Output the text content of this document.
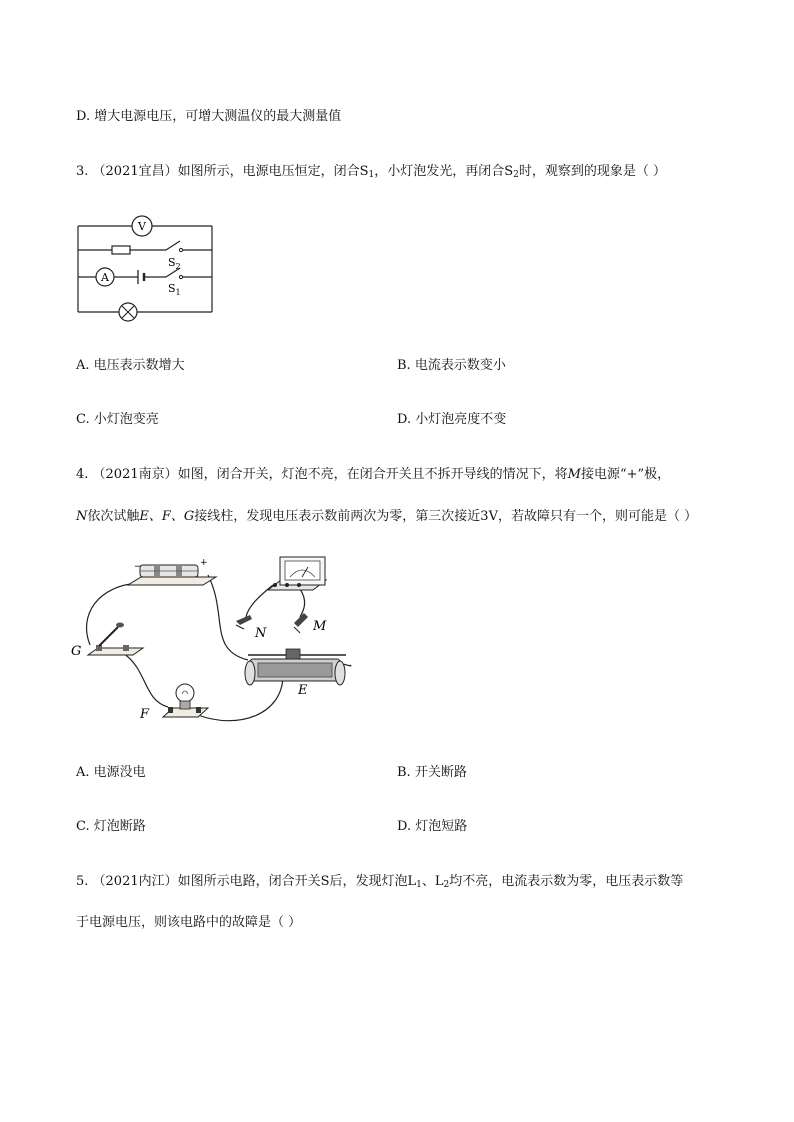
D. 增大电源电压，可增大测温仪的最大测量值
3. （2021宜昌）如图所示，电源电压恒定，闭合$S_1$，小灯泡发光，再闭合$S_2$时，观察到的现象是（ ）
V
A
$S_2$
$S_1$
A. 电压表示数增大	B. 电流表示数变小
C. 小灯泡变亮	D. 小灯泡亮度不变
4. （2021南京）如图，闭合开关，灯泡不亮，在闭合开关且不拆开导线的情况下，将M接电源“+”极，
N依次试触E、F、G接线柱，发现电压表示数前两次为零，第三次接近3V，若故障只有一个，则可能是（ ）
−	+
G
F
E
N	M
A. 电源没电	B. 开关断路
C. 灯泡断路	D. 灯泡短路
5. （2021内江）如图所示电路，闭合开关S后，发现灯泡$L_1$、$L_2$均不亮，电流表示数为零，电压表示数等
于电源电压，则该电路中的故障是（ ）
